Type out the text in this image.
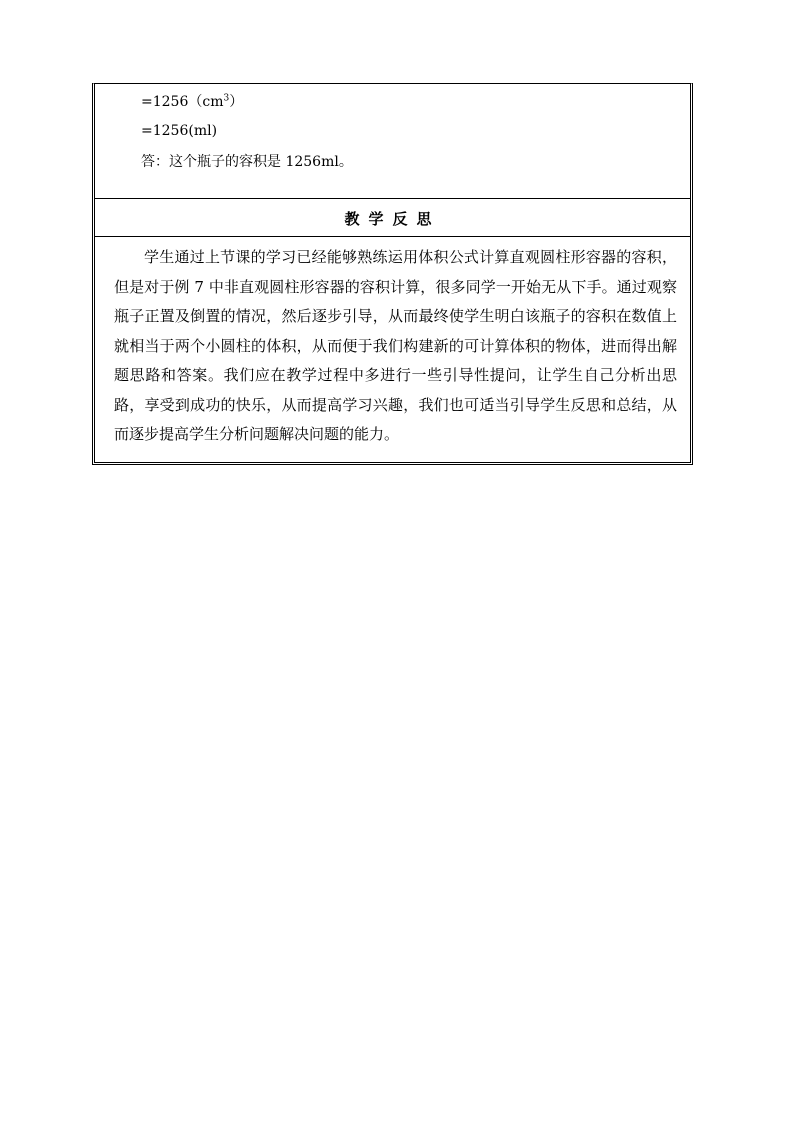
$=1256(cm^3)$
=1256(ml)
答：这个瓶子的容积是 1256ml。
教学反思

学生通过上节课的学习已经能够熟练运用体积公式计算直观圆柱形容器的容积，但是对于例 7 中非直观圆柱形容器的容积计算，很多同学一开始无从下手。通过观察瓶子正置及倒置的情况，然后逐步引导，从而最终使学生明白该瓶子的容积在数值上就相当于两个小圆柱的体积，从而便于我们构建新的可计算体积的物体，进而得出解题思路和答案。我们应在教学过程中多进行一些引导性提问，让学生自己分析出思路，享受到成功的快乐，从而提高学习兴趣，我们也可适当引导学生反思和总结，从而逐步提高学生分析问题解决问题的能力。
